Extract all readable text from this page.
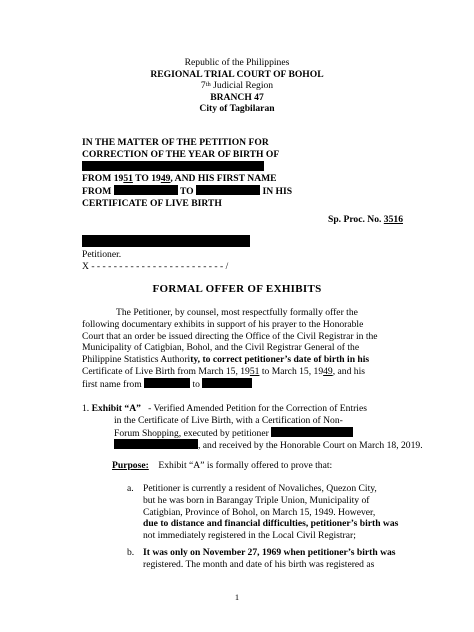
Republic of the Philippines
REGIONAL TRIAL COURT OF BOHOL
7th Judicial Region
BRANCH 47
City of Tagbilaran
IN THE MATTER OF THE PETITION FOR
CORRECTION OF THE YEAR OF BIRTH OF
FROM 1951 TO 1949, AND HIS FIRST NAME
FROM	TO	IN HIS
CERTIFICATE OF LIVE BIRTH
Sp. Proc. No. 3516
Petitioner.
X - - - - - - - - - - - - - - - - - - - - - - - - /
FORMAL OFFER OF EXHIBITS
The Petitioner, by counsel, most respectfully formally offer the
following documentary exhibits in support of his prayer to the Honorable
Court that an order be issued directing the Office of the Civil Registrar in the
Municipality of Catigbian, Bohol, and the Civil Registrar General of the
Philippine Statistics Authority, to correct petitioner’s date of birth in his
Certificate of Live Birth from March 15, 1951 to March 15, 1949, and his
first name from	to
1. Exhibit “A” - Verified Amended Petition for the Correction of Entries
in the Certificate of Live Birth, with a Certification of Non-
Forum Shopping, executed by petitioner
, and received by the Honorable Court on March 18, 2019.
Purpose: Exhibit “A” is formally offered to prove that:
a. Petitioner is currently a resident of Novaliches, Quezon City,
but he was born in Barangay Triple Union, Municipality of
Catigbian, Province of Bohol, on March 15, 1949. However,
due to distance and financial difficulties, petitioner’s birth was
not immediately registered in the Local Civil Registrar;
b. It was only on November 27, 1969 when petitioner’s birth was
registered. The month and date of his birth was registered as
1
